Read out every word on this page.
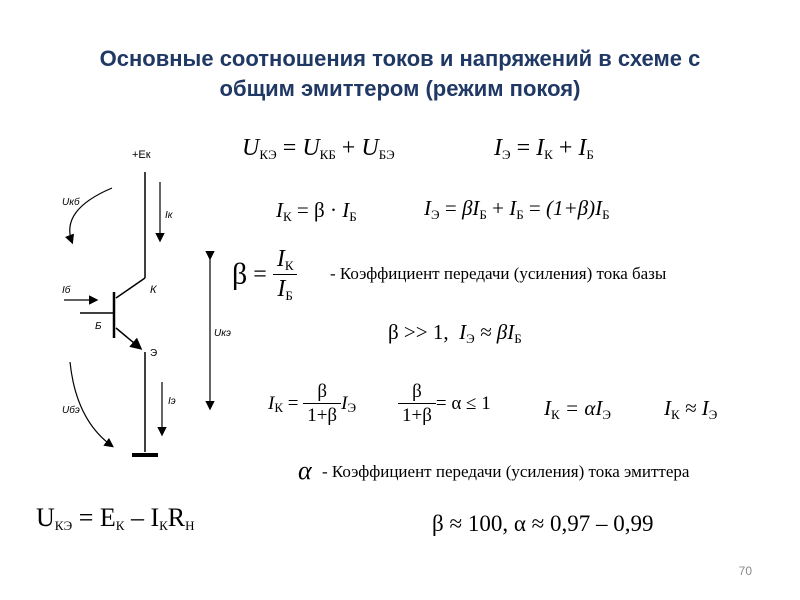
Основные соотношения токов и напряжений в схеме с
общим эмиттером (режим покоя)
+Eк
Iк
Iб
Б
К
Э
Iэ
Uкб
Uбэ
Uкэ
$U_{КЭ} = U_{КБ} + U_{БЭ}$	$I_Э = I_К + I_Б$
$I_К = \beta \cdot I_Б$	$I_Э = \beta I_Б + I_Б = (1+\beta)I_Б$
$\beta = \frac{I_К}{I_Б}$ - Коэффициент передачи (усиления) тока базы
β >> 1, $I_Э \approx \beta I_Б$
$I_К = \frac{\beta}{1+\beta} I_Э \frac{\beta}{1+\beta} = \alpha \le 1$	$I_К = \alpha I_Э$	$I_К \approx I_Э$
α - Коэффициент передачи (усиления) тока эмиттера
$U_{КЭ} = E_К - I_КR_Н$	β ≈ 100, α ≈ 0,97 – 0,99
70
